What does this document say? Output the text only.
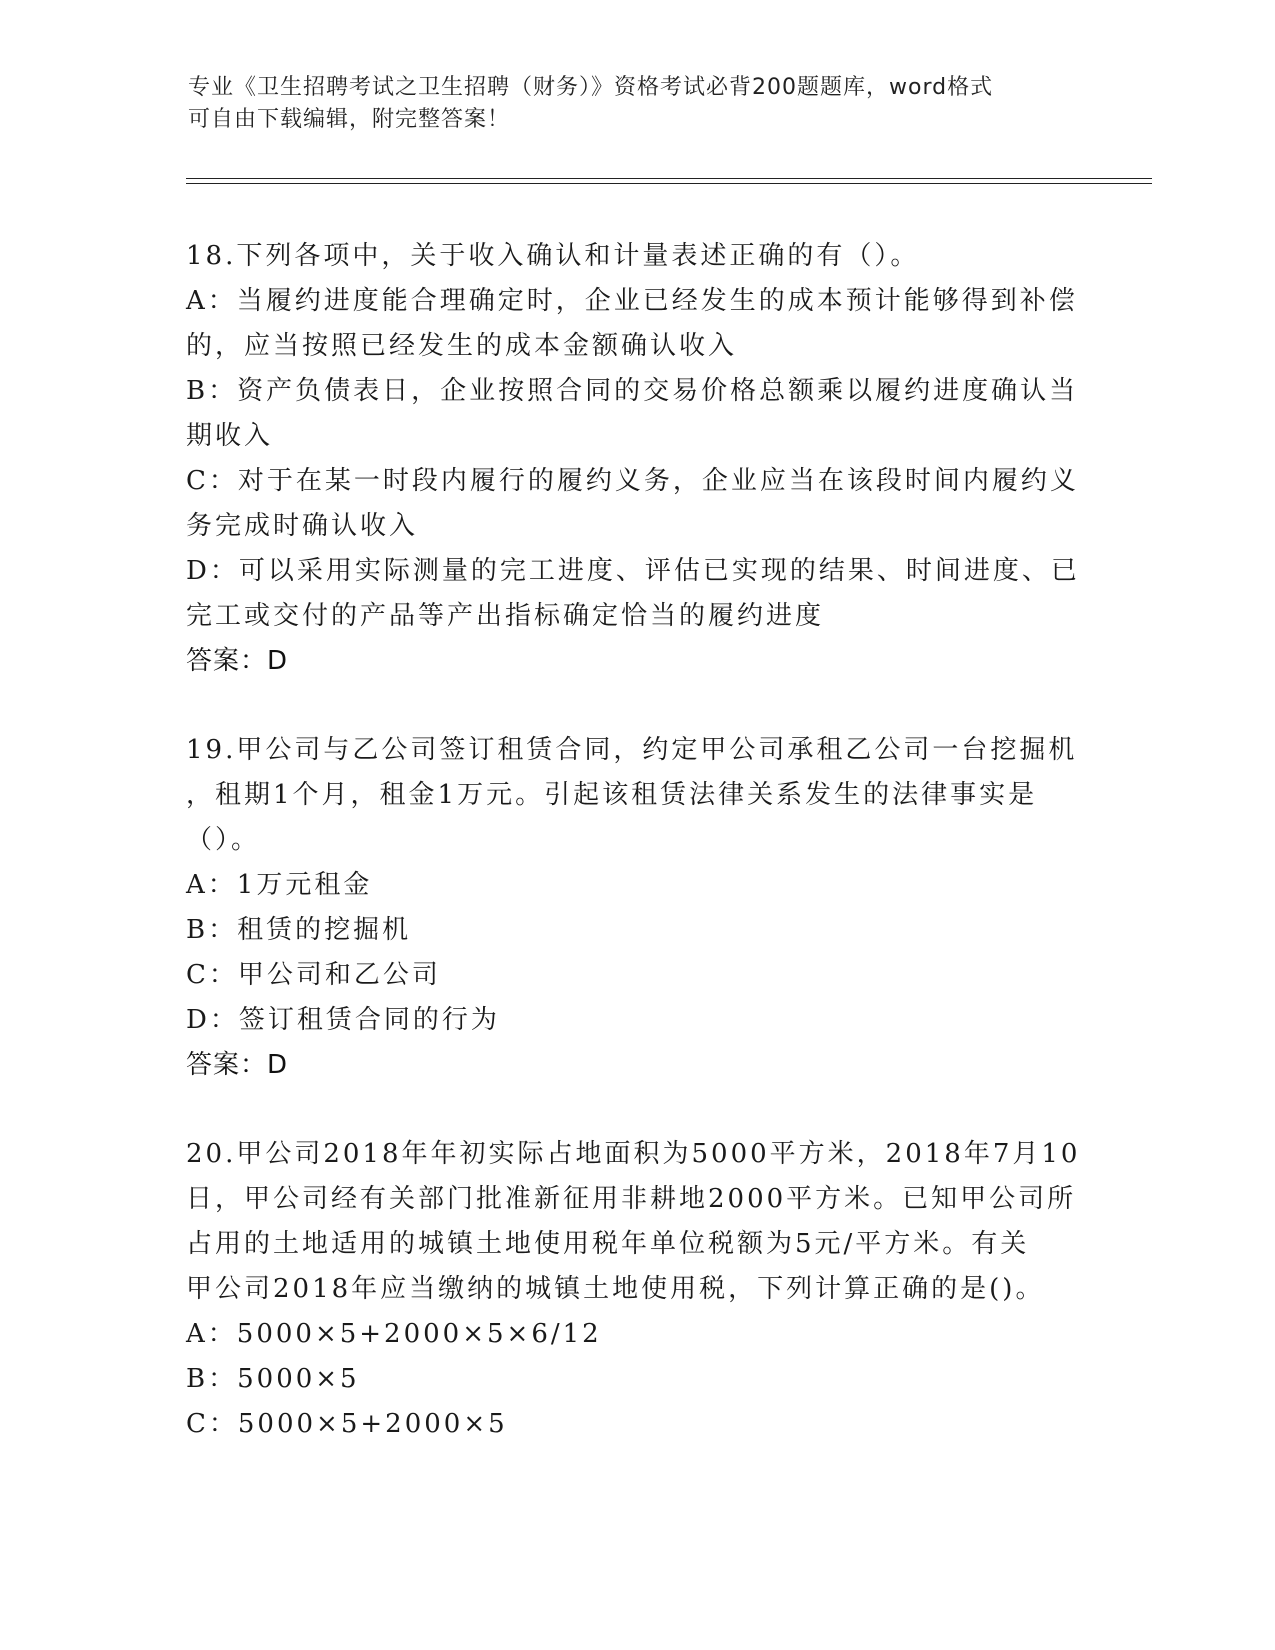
专业《卫生招聘考试之卫生招聘（财务）》资格考试必背200题题库，word格式
可自由下载编辑，附完整答案！
18.下列各项中，关于收入确认和计量表述正确的有（）。
A：当履约进度能合理确定时，企业已经发生的成本预计能够得到补偿
的，应当按照已经发生的成本金额确认收入
B：资产负债表日，企业按照合同的交易价格总额乘以履约进度确认当
期收入
C：对于在某一时段内履行的履约义务，企业应当在该段时间内履约义
务完成时确认收入
D：可以采用实际测量的完工进度、评估已实现的结果、时间进度、已
完工或交付的产品等产出指标确定恰当的履约进度
答案：D
19.甲公司与乙公司签订租赁合同，约定甲公司承租乙公司一台挖掘机
，租期1个月，租金1万元。引起该租赁法律关系发生的法律事实是
（）。
A：1万元租金
B：租赁的挖掘机
C：甲公司和乙公司
D：签订租赁合同的行为
答案：D
20.甲公司2018年年初实际占地面积为5000平方米，2018年7月10
日，甲公司经有关部门批准新征用非耕地2000平方米。已知甲公司所
占用的土地适用的城镇土地使用税年单位税额为5元/平方米。有关
甲公司2018年应当缴纳的城镇土地使用税，下列计算正确的是()。
A：5000×5+2000×5×6/12
B：5000×5
C：5000×5+2000×5
